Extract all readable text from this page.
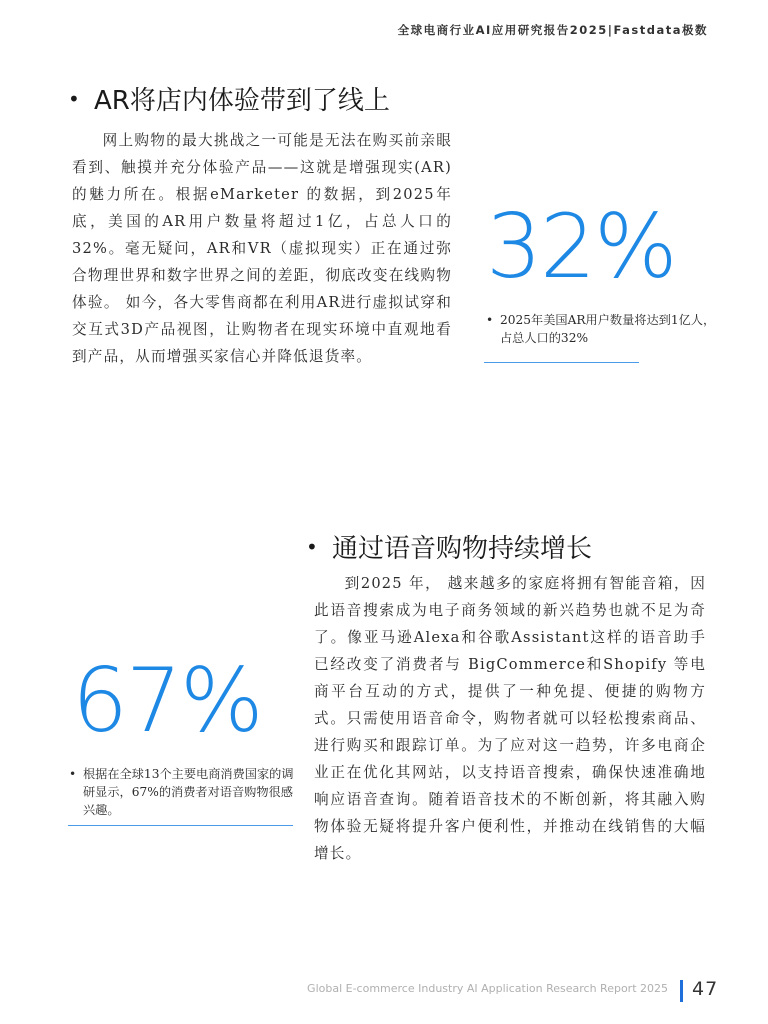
全球电商行业AI应用研究报告2025|Fastdata极数
• AR将店内体验带到了线上

网上购物的最大挑战之一可能是无法在购买前亲眼看到、触摸并充分体验产品——这就是增强现实(AR) 的魅力所在。根据eMarketer 的数据，到2025年底，美国的AR用户数量将超过1亿，占总人口的32%。毫无疑问，AR和VR（虚拟现实）正在通过弥合物理世界和数字世界之间的差距，彻底改变在线购物体验。 如今，各大零售商都在利用AR进行虚拟试穿和交互式3D产品视图，让购物者在现实环境中直观地看到产品，从而增强买家信心并降低退货率。

32%
• 2025年美国AR用户数量将达到1亿人，占总人口的32%
• 通过语音购物持续增长

到2025 年， 越来越多的家庭将拥有智能音箱，因此语音搜索成为电子商务领域的新兴趋势也就不足为奇了。像亚马逊Alexa和谷歌Assistant这样的语音助手已经改变了消费者与 BigCommerce和Shopify 等电商平台互动的方式，提供了一种免提、便捷的购物方式。只需使用语音命令，购物者就可以轻松搜索商品、进行购买和跟踪订单。为了应对这一趋势，许多电商企业正在优化其网站，以支持语音搜索，确保快速准确地响应语音查询。随着语音技术的不断创新，将其融入购物体验无疑将提升客户便利性，并推动在线销售的大幅增长。

67%
• 根据在全球13个主要电商消费国家的调研显示，67%的消费者对语音购物很感兴趣。
Global E-commerce Industry AI Application Research Report 2025 47
